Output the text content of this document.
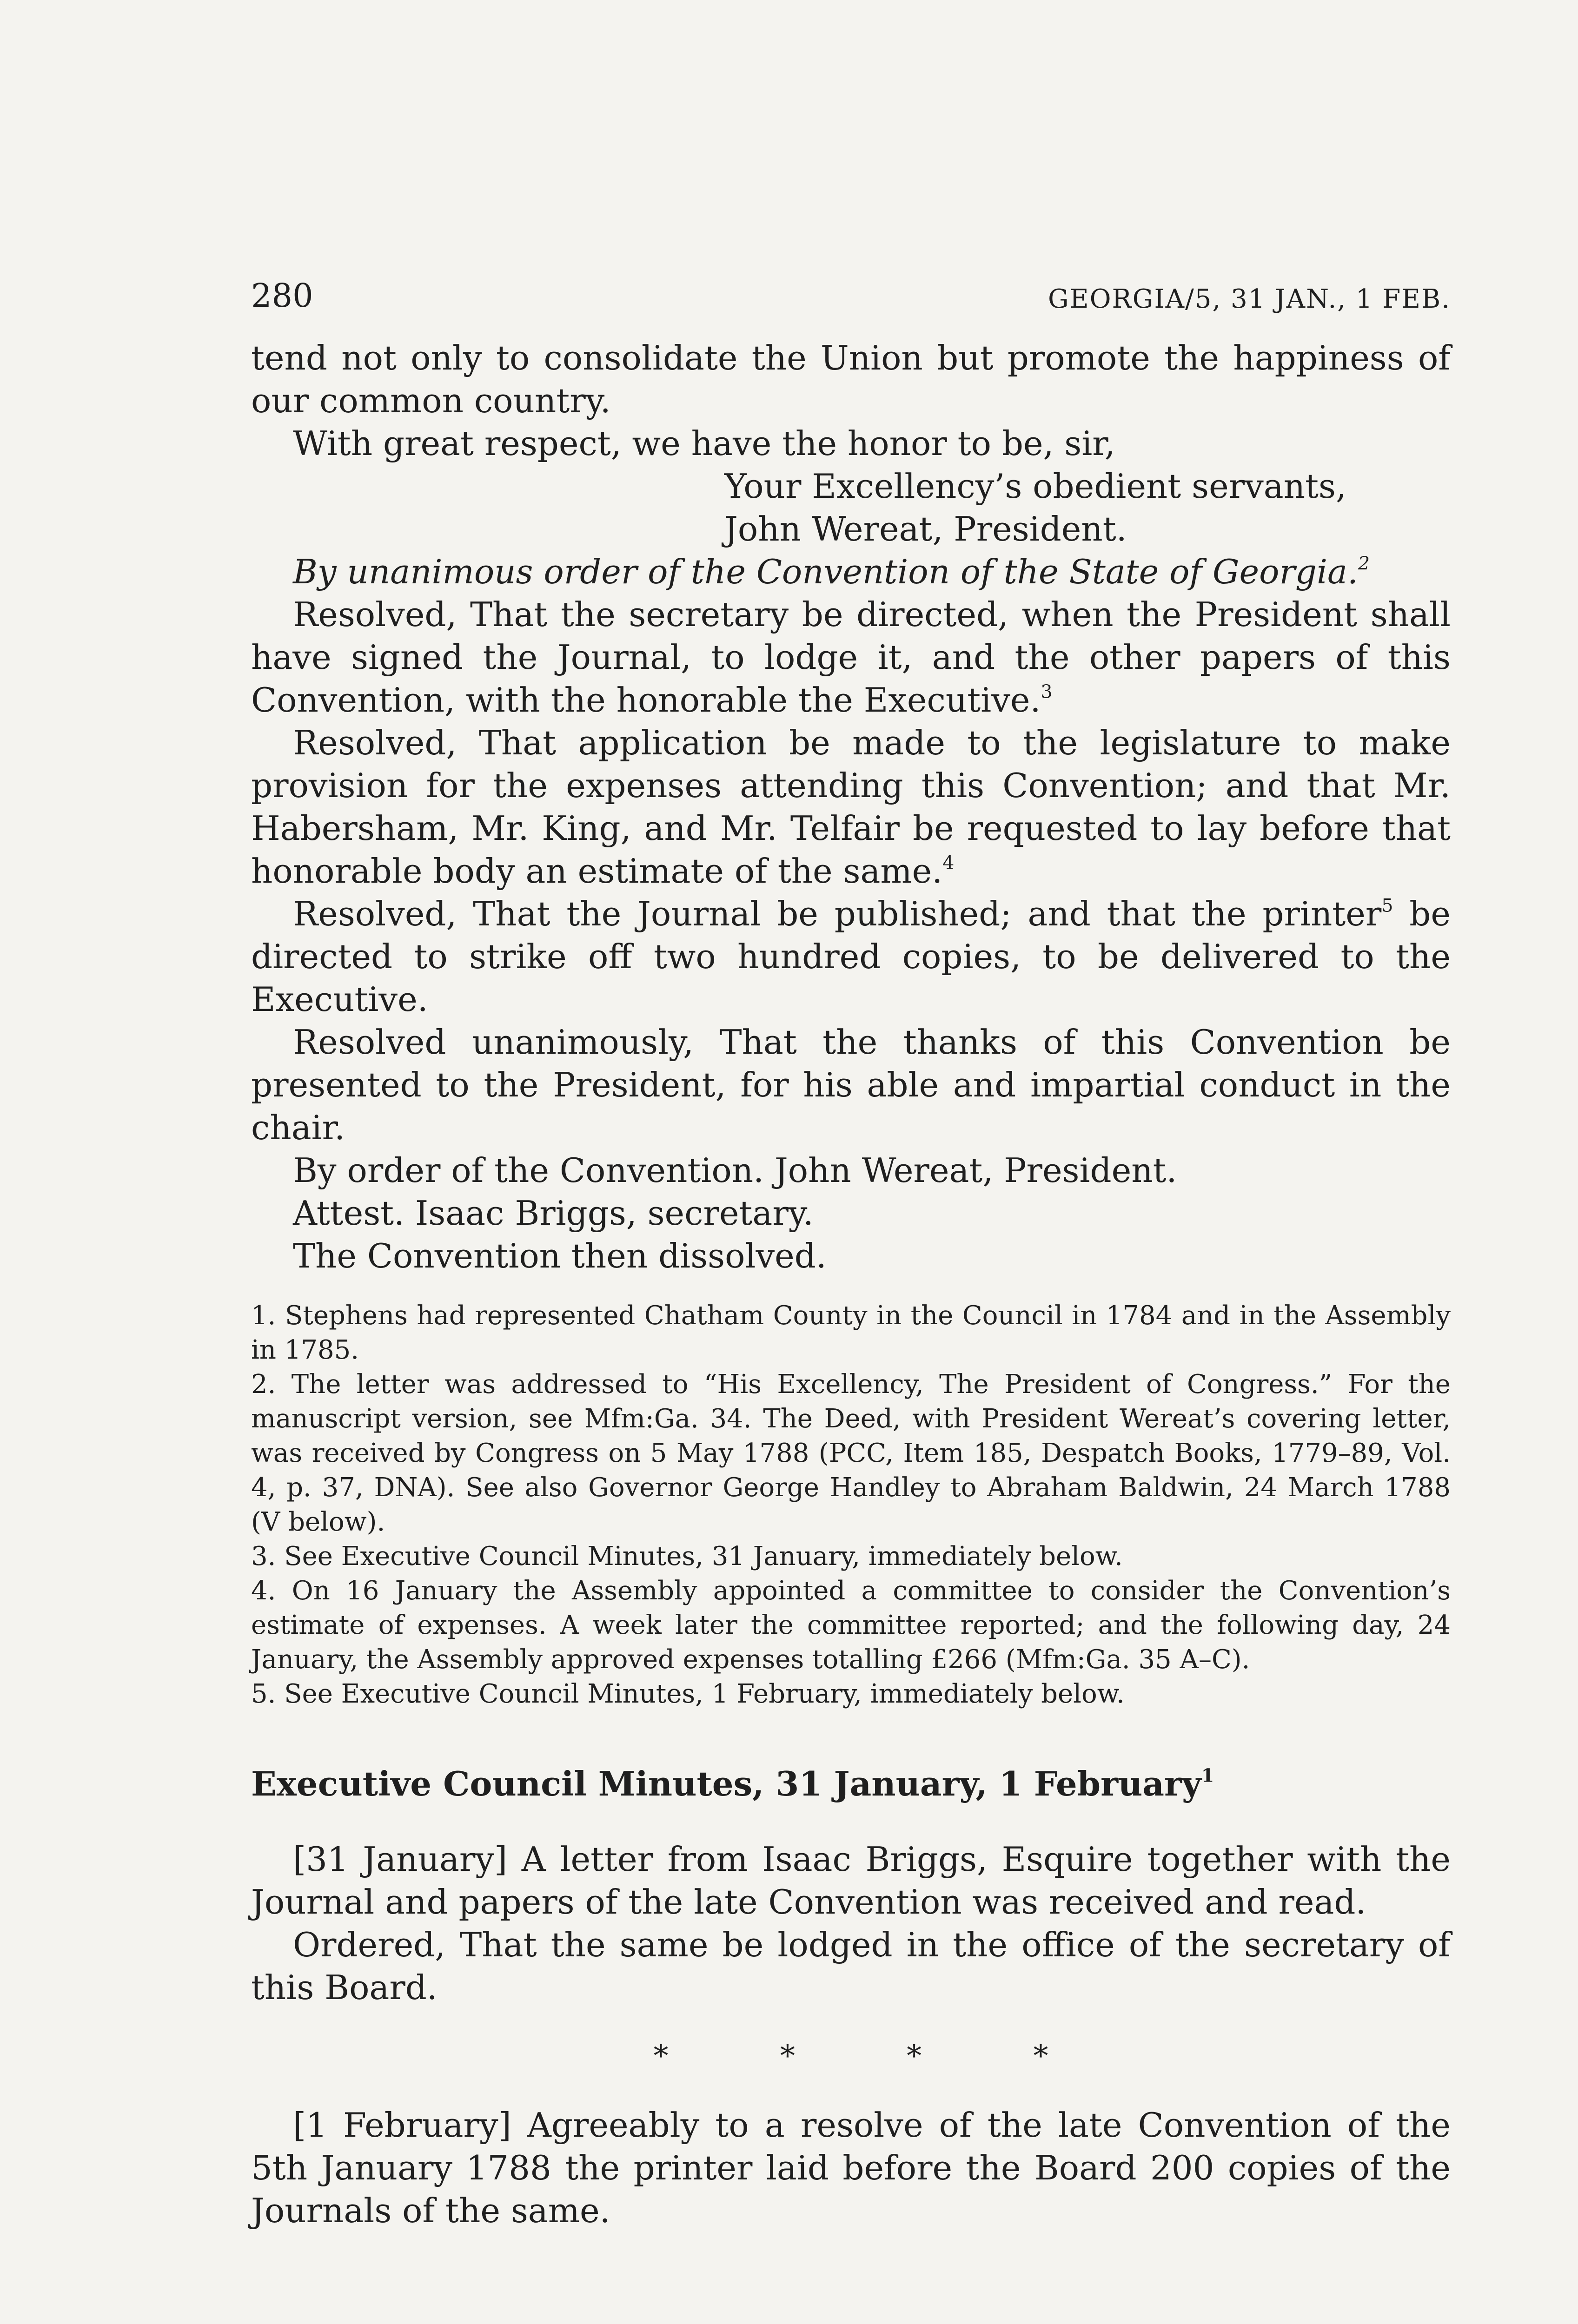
280	GEORGIA/5, 31 JAN., 1 FEB.

tend not only to consolidate the Union but promote the happiness of our common country.

With great respect, we have the honor to be, sir,

Your Excellency’s obedient servants,

John Wereat, President.

By unanimous order of the Convention of the State of Georgia.$^2$

Resolved, That the secretary be directed, when the President shall have signed the Journal, to lodge it, and the other papers of this Convention, with the honorable the Executive.$^3$

Resolved, That application be made to the legislature to make provision for the expenses attending this Convention; and that Mr. Habersham, Mr. King, and Mr. Telfair be requested to lay before that honorable body an estimate of the same.$^4$

Resolved, That the Journal be published; and that the printer$^5$ be directed to strike off two hundred copies, to be delivered to the Executive.

Resolved unanimously, That the thanks of this Convention be presented to the President, for his able and impartial conduct in the chair.

By order of the Convention. John Wereat, President.

Attest. Isaac Briggs, secretary.

The Convention then dissolved.

1. Stephens had represented Chatham County in the Council in 1784 and in the Assembly in 1785.

2. The letter was addressed to “His Excellency, The President of Congress.” For the manuscript version, see Mfm:Ga. 34. The Deed, with President Wereat’s covering letter, was received by Congress on 5 May 1788 (PCC, Item 185, Despatch Books, 1779–89, Vol. 4, p. 37, DNA). See also Governor George Handley to Abraham Baldwin, 24 March 1788 (V below).

3. See Executive Council Minutes, 31 January, immediately below.

4. On 16 January the Assembly appointed a committee to consider the Convention’s estimate of expenses. A week later the committee reported; and the following day, 24 January, the Assembly approved expenses totalling £266 (Mfm:Ga. 35 A–C).

5. See Executive Council Minutes, 1 February, immediately below.

Executive Council Minutes, 31 January, 1 February$^1$

[31 January] A letter from Isaac Briggs, Esquire together with the Journal and papers of the late Convention was received and read.

Ordered, That the same be lodged in the office of the secretary of this Board.

* * * *

[1 February] Agreeably to a resolve of the late Convention of the 5th January 1788 the printer laid before the Board 200 copies of the Journals of the same.
